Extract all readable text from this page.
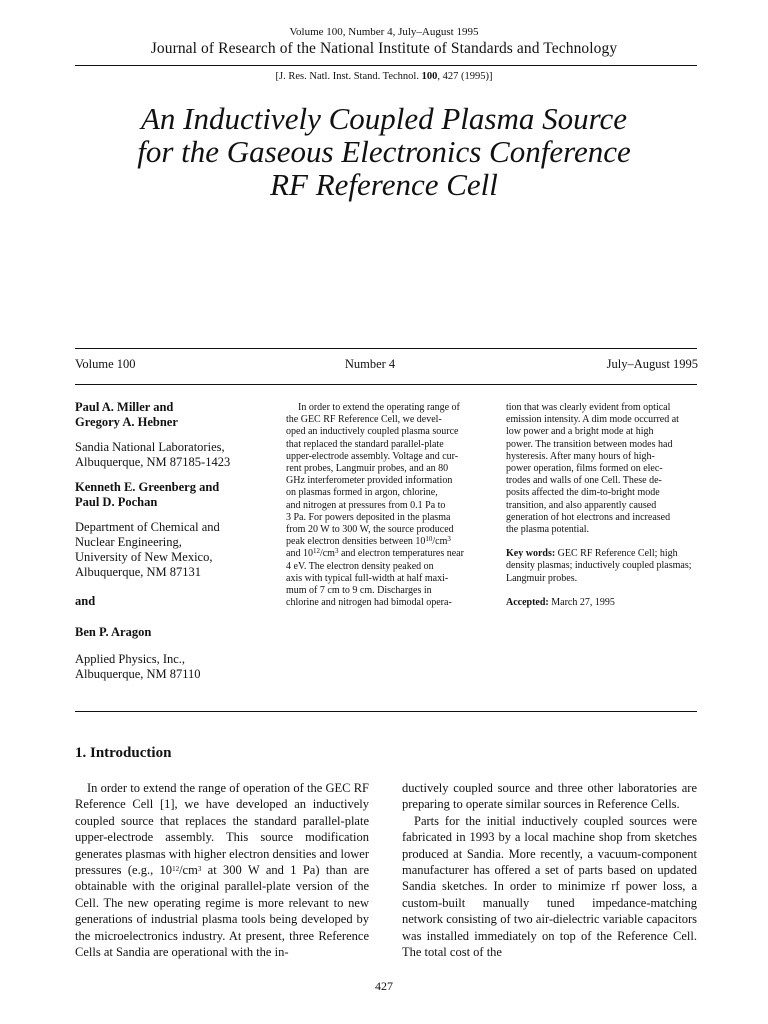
Volume 100, Number 4, July–August 1995
Journal of Research of the National Institute of Standards and Technology
[J. Res. Natl. Inst. Stand. Technol. 100, 427 (1995)]
An Inductively Coupled Plasma Source
for the Gaseous Electronics Conference
RF Reference Cell
Volume 100	Number 4	July–August 1995

Paul A. Miller and
Gregory A. Hebner

Sandia National Laboratories,
Albuquerque, NM 87185-1423

Kenneth E. Greenberg and
Paul D. Pochan

Department of Chemical and
Nuclear Engineering,
University of New Mexico,
Albuquerque, NM 87131

and

Ben P. Aragon

Applied Physics, Inc.,
Albuquerque, NM 87110

In order to extend the operating range of

the GEC RF Reference Cell, we devel-

oped an inductively coupled plasma source

that replaced the standard parallel-plate

upper-electrode assembly. Voltage and cur-

rent probes, Langmuir probes, and an 80

GHz interferometer provided information

on plasmas formed in argon, chlorine,

and nitrogen at pressures from 0.1 Pa to

3 Pa. For powers deposited in the plasma

from 20 W to 300 W, the source produced

peak electron densities between $10^{10}/cm^3$

and $10^{12}/cm^3$ and electron temperatures near

4 eV. The electron density peaked on

axis with typical full-width at half maxi-

mum of 7 cm to 9 cm. Discharges in

chlorine and nitrogen had bimodal opera-

tion that was clearly evident from optical

emission intensity. A dim mode occurred at

low power and a bright mode at high

power. The transition between modes had

hysteresis. After many hours of high-

power operation, films formed on elec-

trodes and walls of one Cell. These de-

posits affected the dim-to-bright mode

transition, and also apparently caused

generation of hot electrons and increased

the plasma potential.

Key words: GEC RF Reference Cell; high density plasmas; inductively coupled plasmas; Langmuir probes.

Accepted: March 27, 1995

1. Introduction

In order to extend the range of operation of the GEC RF Reference Cell [1], we have developed an inductively coupled source that replaces the standard parallel-plate upper-electrode assembly. This source modification generates plasmas with higher electron densities and lower pressures (e.g., $10^{12}/cm^3$ at 300 W and 1 Pa) than are obtainable with the original parallel-plate version of the Cell. The new operating regime is more relevant to new generations of industrial plasma tools being developed by the microelectronics industry. At present, three Reference Cells at Sandia are operational with the in-

ductively coupled source and three other laboratories are preparing to operate similar sources in Reference Cells.

Parts for the initial inductively coupled sources were fabricated in 1993 by a local machine shop from sketches produced at Sandia. More recently, a vacuum-component manufacturer has offered a set of parts based on updated Sandia sketches. In order to minimize rf power loss, a custom-built manually tuned impedance-matching network consisting of two air-dielectric variable capacitors was installed immediately on top of the Reference Cell. The total cost of the

427
